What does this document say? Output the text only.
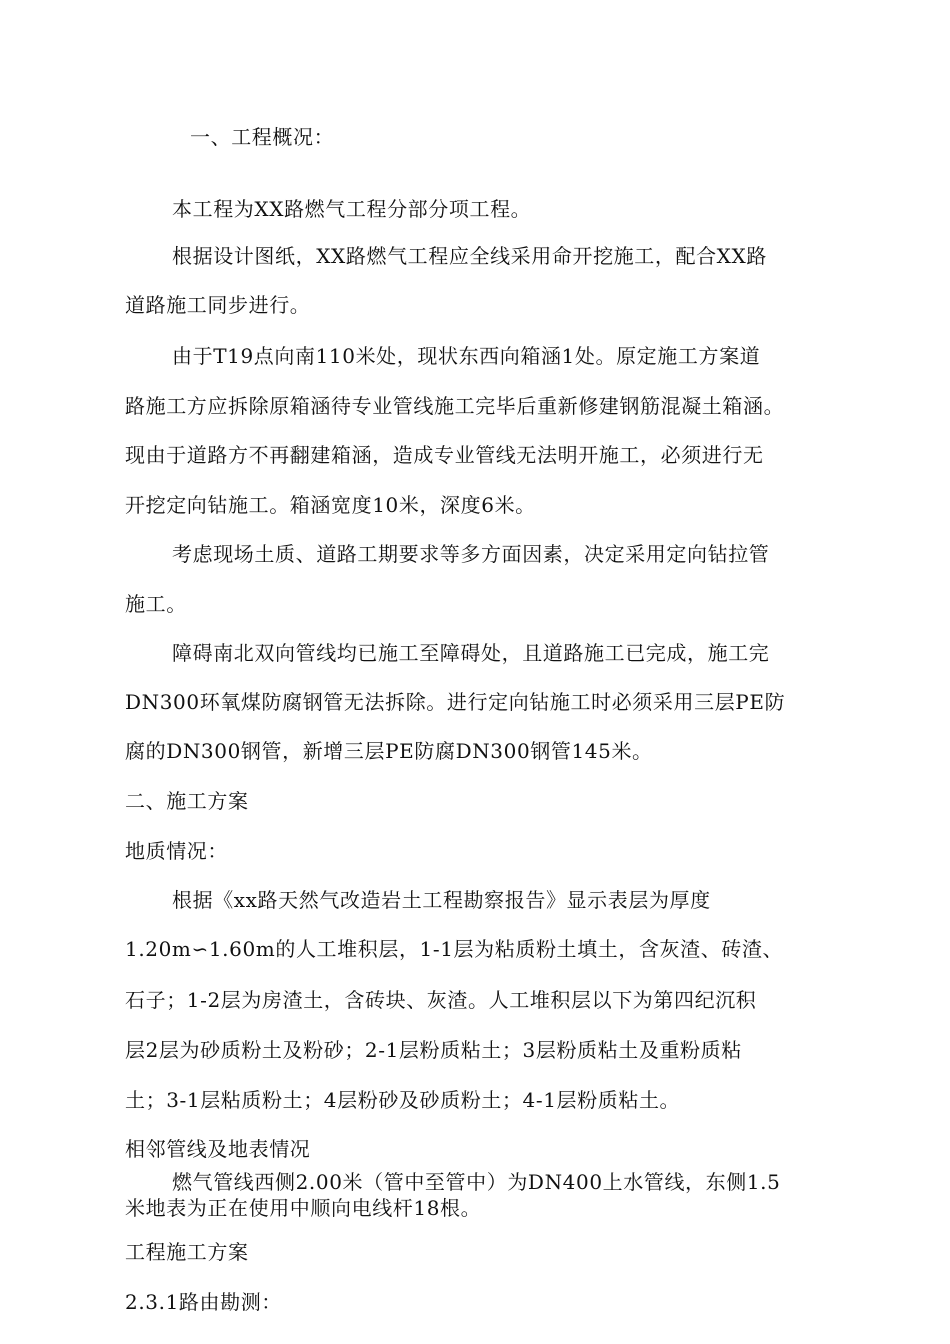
一、工程概况：
本工程为XX路燃气工程分部分项工程。
根据设计图纸，XX路燃气工程应全线采用命开挖施工，配合XX路
道路施工同步进行。
由于T19点向南110米处，现状东西向箱涵1处。原定施工方案道
路施工方应拆除原箱涵待专业管线施工完毕后重新修建钢筋混凝土箱涵。
现由于道路方不再翻建箱涵，造成专业管线无法明开施工，必须进行无
开挖定向钻施工。箱涵宽度10米，深度6米。
考虑现场土质、道路工期要求等多方面因素，决定采用定向钻拉管
施工。
障碍南北双向管线均已施工至障碍处，且道路施工已完成，施工完
DN300环氧煤防腐钢管无法拆除。进行定向钻施工时必须采用三层PE防
腐的DN300钢管，新增三层PE防腐DN300钢管145米。
二、施工方案
地质情况：
根据《xx路天然气改造岩土工程勘察报告》显示表层为厚度
1.20m∽1.60m的人工堆积层，1-1层为粘质粉土填土，含灰渣、砖渣、
石子；1-2层为房渣土，含砖块、灰渣。人工堆积层以下为第四纪沉积
层2层为砂质粉土及粉砂；2-1层粉质粘土；3层粉质粘土及重粉质粘
土；3-1层粘质粉土；4层粉砂及砂质粉土；4-1层粉质粘土。
相邻管线及地表情况
燃气管线西侧2.00米（管中至管中）为DN400上水管线，东侧1.5
米地表为正在使用中顺向电线杆18根。
工程施工方案
2.3.1路由勘测：
